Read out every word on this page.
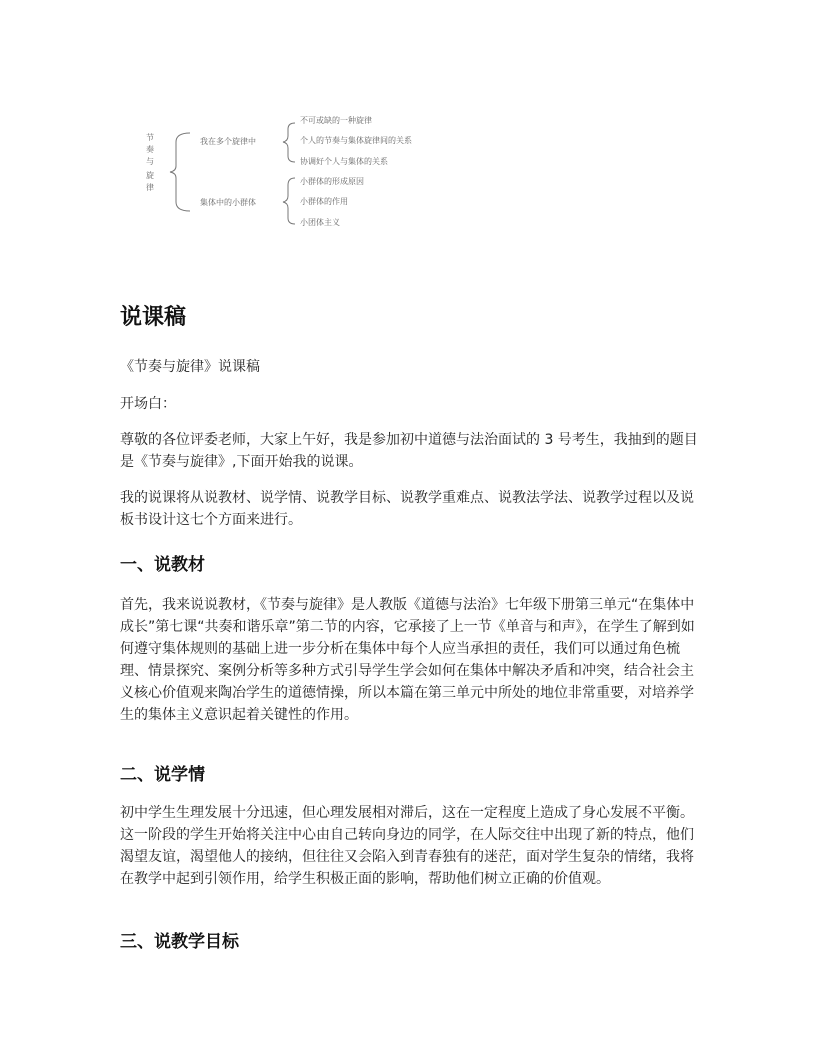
节
奏
与
旋
律
我在多个旋律中
集体中的小群体
不可或缺的一种旋律
个人的节奏与集体旋律间的关系
协调好个人与集体的关系
小群体的形成原因
小群体的作用
小团体主义
说课稿

《节奏与旋律》说课稿

开场白：

尊敬的各位评委老师，大家上午好，我是参加初中道德与法治面试的 3 号考生，我抽到的题目是《节奏与旋律》,下面开始我的说课。

我的说课将从说教材、说学情、说教学目标、说教学重难点、说教法学法、说教学过程以及说板书设计这七个方面来进行。

一、说教材

首先，我来说说教材，《节奏与旋律》是人教版《道德与法治》七年级下册第三单元“在集体中成长”第七课“共奏和谐乐章”第二节的内容，它承接了上一节《单音与和声》，在学生了解到如何遵守集体规则的基础上进一步分析在集体中每个人应当承担的责任，我们可以通过角色梳理、情景探究、案例分析等多种方式引导学生学会如何在集体中解决矛盾和冲突，结合社会主义核心价值观来陶冶学生的道德情操，所以本篇在第三单元中所处的地位非常重要，对培养学生的集体主义意识起着关键性的作用。

二、说学情

初中学生生理发展十分迅速，但心理发展相对滞后，这在一定程度上造成了身心发展不平衡。这一阶段的学生开始将关注中心由自己转向身边的同学，在人际交往中出现了新的特点，他们渴望友谊，渴望他人的接纳，但往往又会陷入到青春独有的迷茫，面对学生复杂的情绪，我将在教学中起到引领作用，给学生积极正面的影响，帮助他们树立正确的价值观。

三、说教学目标
